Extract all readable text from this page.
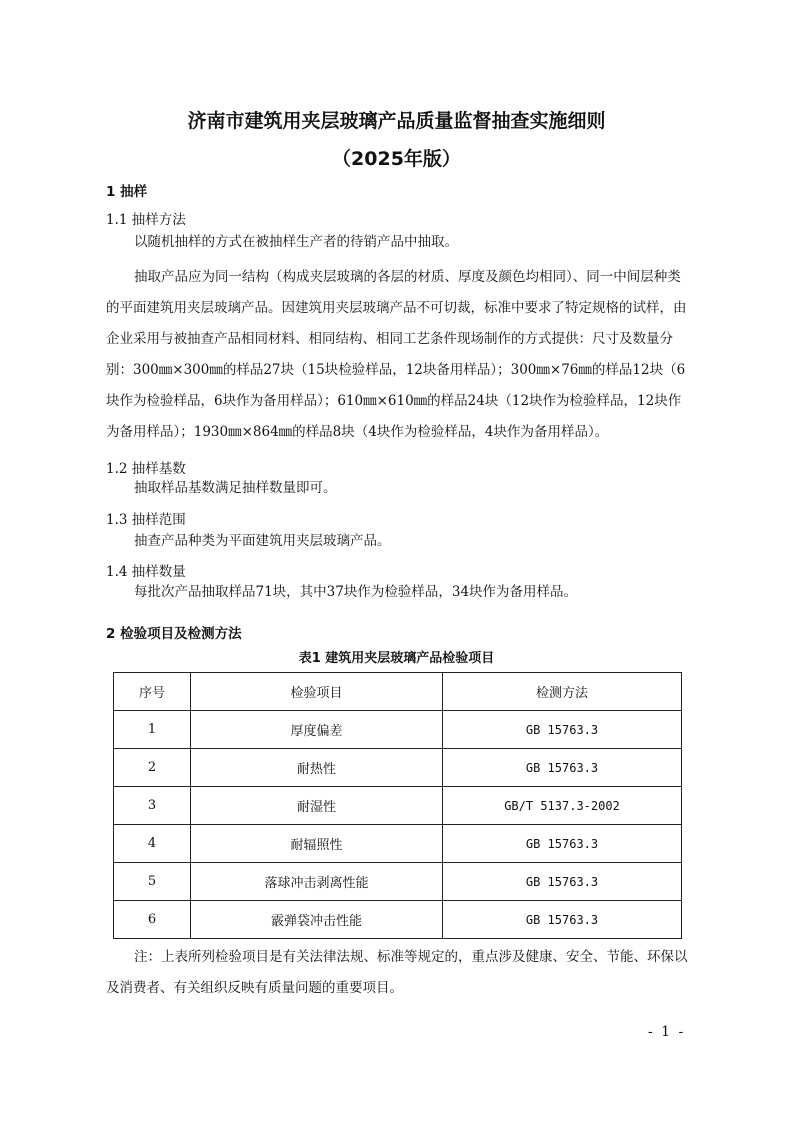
济南市建筑用夹层玻璃产品质量监督抽查实施细则
（2025年版）
1 抽样
1.1 抽样方法
以随机抽样的方式在被抽样生产者的待销产品中抽取。
抽取产品应为同一结构（构成夹层玻璃的各层的材质、厚度及颜色均相同）、同一中间层种类的平面建筑用夹层玻璃产品。因建筑用夹层玻璃产品不可切裁，标准中要求了特定规格的试样，由企业采用与被抽查产品相同材料、相同结构、相同工艺条件现场制作的方式提供：尺寸及数量分别：300㎜×300㎜的样品27块（15块检验样品，12块备用样品）；300㎜×76㎜的样品12块（6块作为检验样品，6块作为备用样品）；610㎜×610㎜的样品24块（12块作为检验样品，12块作为备用样品）；1930㎜×864㎜的样品8块（4块作为检验样品，4块作为备用样品）。
1.2 抽样基数
抽取样品基数满足抽样数量即可。
1.3 抽样范围
抽查产品种类为平面建筑用夹层玻璃产品。
1.4 抽样数量
每批次产品抽取样品71块，其中37块作为检验样品，34块作为备用样品。
2 检验项目及检测方法
表1 建筑用夹层玻璃产品检验项目
序号	检验项目	检测方法
1	厚度偏差	GB 15763.3
2	耐热性	GB 15763.3
3	耐湿性	GB/T 5137.3-2002
4	耐辐照性	GB 15763.3
5	落球冲击剥离性能	GB 15763.3
6	霰弹袋冲击性能	GB 15763.3
注：上表所列检验项目是有关法律法规、标准等规定的，重点涉及健康、安全、节能、环保以及消费者、有关组织反映有质量问题的重要项目。
- 1 -
